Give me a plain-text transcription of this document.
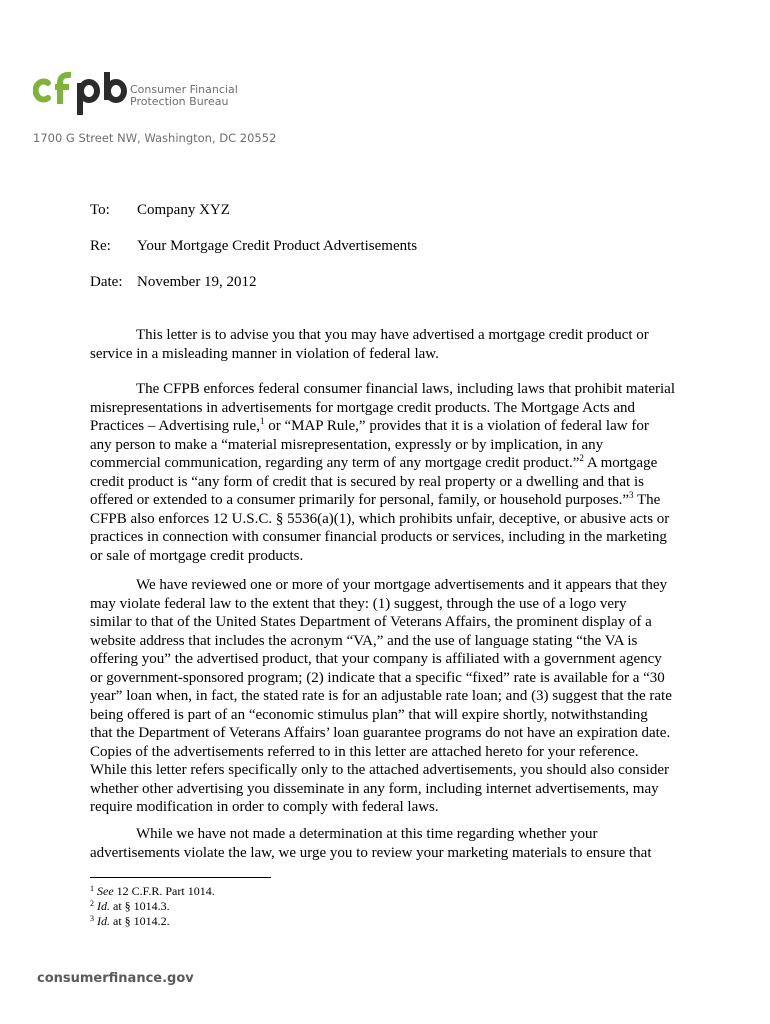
Consumer Financial
Protection Bureau
1700 G Street NW, Washington, DC 20552
To: Company XYZ
Re: Your Mortgage Credit Product Advertisements
Date: November 19, 2012
This letter is to advise you that you may have advertised a mortgage credit product or
service in a misleading manner in violation of federal law.
The CFPB enforces federal consumer financial laws, including laws that prohibit material
misrepresentations in advertisements for mortgage credit products. The Mortgage Acts and
Practices – Advertising rule,$^1$ or “MAP Rule,” provides that it is a violation of federal law for
any person to make a “material misrepresentation, expressly or by implication, in any
commercial communication, regarding any term of any mortgage credit product.”$^2$ A mortgage
credit product is “any form of credit that is secured by real property or a dwelling and that is
offered or extended to a consumer primarily for personal, family, or household purposes.”$^3$ The
CFPB also enforces 12 U.S.C. § 5536(a)(1), which prohibits unfair, deceptive, or abusive acts or
practices in connection with consumer financial products or services, including in the marketing
or sale of mortgage credit products.
We have reviewed one or more of your mortgage advertisements and it appears that they
may violate federal law to the extent that they: (1) suggest, through the use of a logo very
similar to that of the United States Department of Veterans Affairs, the prominent display of a
website address that includes the acronym “VA,” and the use of language stating “the VA is
offering you” the advertised product, that your company is affiliated with a government agency
or government-sponsored program; (2) indicate that a specific “fixed” rate is available for a “30
year” loan when, in fact, the stated rate is for an adjustable rate loan; and (3) suggest that the rate
being offered is part of an “economic stimulus plan” that will expire shortly, notwithstanding
that the Department of Veterans Affairs’ loan guarantee programs do not have an expiration date.
Copies of the advertisements referred to in this letter are attached hereto for your reference.
While this letter refers specifically only to the attached advertisements, you should also consider
whether other advertising you disseminate in any form, including internet advertisements, may
require modification in order to comply with federal laws.
While we have not made a determination at this time regarding whether your
advertisements violate the law, we urge you to review your marketing materials to ensure that
$^1$ See 12 C.F.R. Part 1014.
$^2$ Id. at § 1014.3.
$^3$ Id. at § 1014.2.
consumerfinance.gov
